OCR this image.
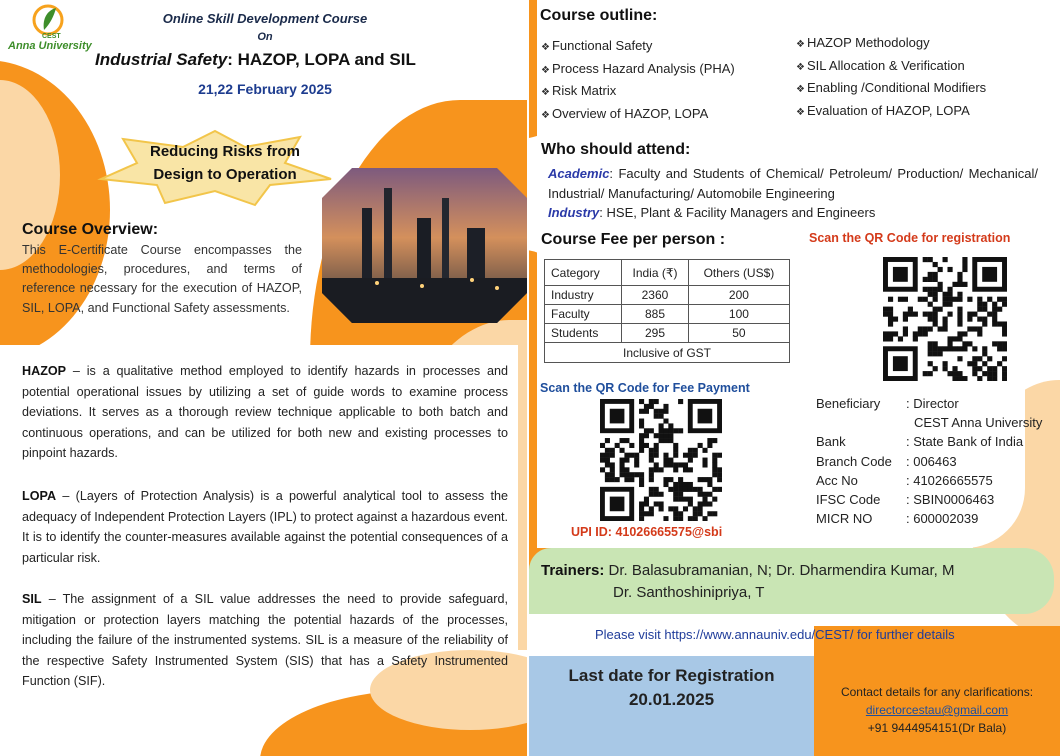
CEST
Anna University
Online Skill Development Course
On
Industrial Safety: HAZOP, LOPA and SIL
21,22 February 2025
Reducing Risks from
Design to Operation
Course Overview:
This E-Certificate Course encompasses the methodologies, procedures, and terms of reference necessary for the execution of HAZOP, SIL, LOPA, and Functional Safety assessments.
HAZOP – is a qualitative method employed to identify hazards in processes and potential operational issues by utilizing a set of guide words to examine process deviations. It serves as a thorough review technique applicable to both batch and continuous operations, and can be utilized for both new and existing processes to pinpoint hazards.
LOPA – (Layers of Protection Analysis) is a powerful analytical tool to assess the adequacy of Independent Protection Layers (IPL) to protect against a hazardous event. It is to identify the counter-measures available against the potential consequences of a particular risk.
SIL – The assignment of a SIL value addresses the need to provide safeguard, mitigation or protection layers matching the potential hazards of the processes, including the failure of the instrumented systems. SIL is a measure of the reliability of the respective Safety Instrumented System (SIS) that has a Safety Instrumented Function (SIF).
Course outline:
❖ Functional Safety
❖ Process Hazard Analysis (PHA)
❖ Risk Matrix
❖ Overview of HAZOP, LOPA
❖ HAZOP Methodology
❖ SIL Allocation & Verification
❖ Enabling /Conditional Modifiers
❖ Evaluation of HAZOP, LOPA
Who should attend:
Academic: Faculty and Students of Chemical/ Petroleum/ Production/ Mechanical/ Industrial/ Manufacturing/ Automobile Engineering
Industry: HSE, Plant & Facility Managers and Engineers
Course Fee per person :	Scan the QR Code for registration
Category	India (₹)	Others (US$)
Industry	2360	200
Faculty	885	100
Students	295	50
Inclusive of GST		
Scan the QR Code for Fee Payment
UPI ID: 41026665575@sbi
Beneficiary	: Director
CEST Anna University
Bank	: State Bank of India
Branch Code	: 006463
Acc No	: 41026665575
IFSC Code	: SBIN0006463
MICR NO	: 600002039
Trainers: Dr. Balasubramanian, N; Dr. Dharmendira Kumar, M
Dr. Santhoshinipriya, T
Please visit https://www.annauniv.edu/CEST/ for further details
Last date for Registration
20.01.2025	Contact details for any clarifications:
directorcestau@gmail.com
+91 9444954151(Dr Bala)
